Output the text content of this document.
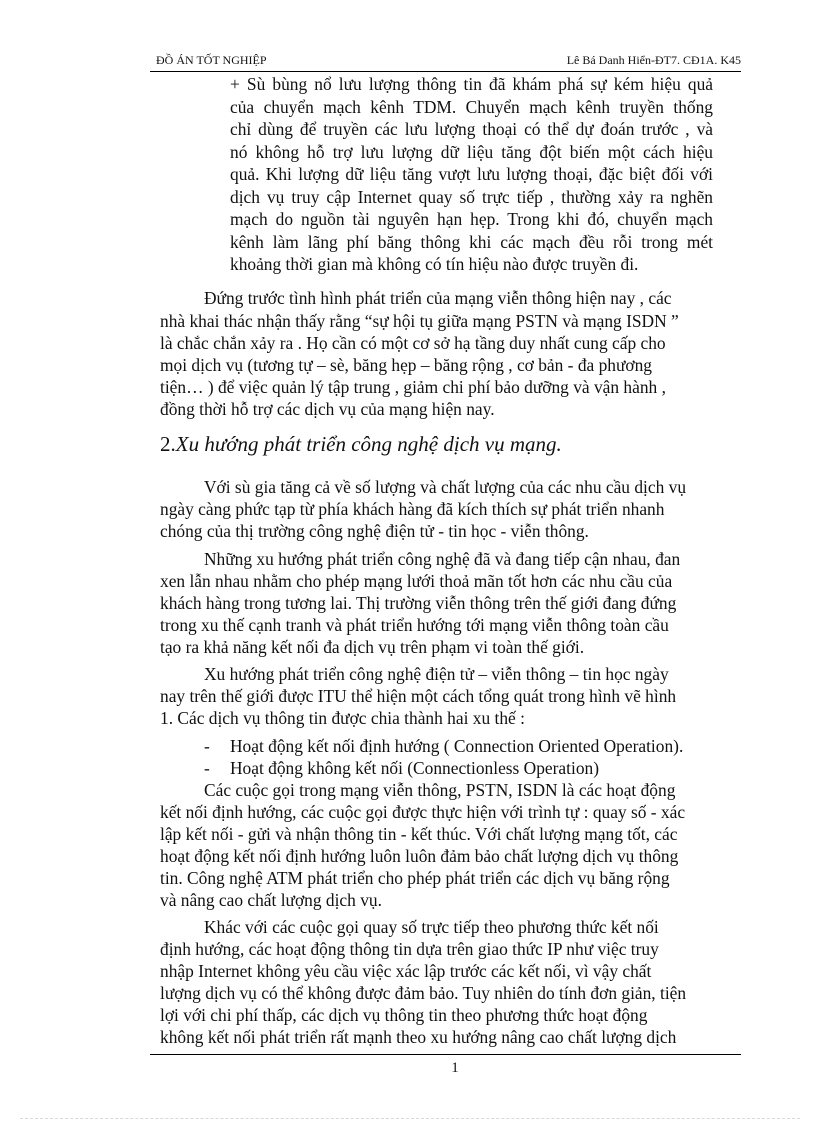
ĐỒ ÁN TỐT NGHIỆP	Lê Bá Danh Hiển-ĐT7. CĐ1A. K45
+ Sù bùng nổ lưu lượng thông tin đã khám phá sự kém hiệu quả
của chuyển mạch kênh TDM. Chuyển mạch kênh truyền thống
chỉ dùng để truyền các lưu lượng thoại có thể dự đoán trước , và
nó không hỗ trợ lưu lượng dữ liệu tăng đột biến một cách hiệu
quả. Khi lượng dữ liệu tăng vượt lưu lượng thoại, đặc biệt đối với
dịch vụ truy cập Internet quay số trực tiếp , thường xảy ra nghẽn
mạch do nguồn tài nguyên hạn hẹp. Trong khi đó, chuyển mạch
kênh làm lãng phí băng thông khi các mạch đều rỗi trong mét
khoảng thời gian mà không có tín hiệu nào được truyền đi.
Đứng trước tình hình phát triển của mạng viễn thông hiện nay , các
nhà khai thác nhận thấy rằng “sự hội tụ giữa mạng PSTN và mạng ISDN ”
là chắc chắn xảy ra . Họ cần có một cơ sở hạ tầng duy nhất cung cấp cho
mọi dịch vụ (tương tự – sè, băng hẹp – băng rộng , cơ bản - đa phương
tiện… ) để việc quản lý tập trung , giảm chi phí bảo dưỡng và vận hành ,
đồng thời hỗ trợ các dịch vụ của mạng hiện nay.
2.Xu hướng phát triển công nghệ dịch vụ mạng.
Với sù gia tăng cả về số lượng và chất lượng của các nhu cầu dịch vụ
ngày càng phức tạp từ phía khách hàng đã kích thích sự phát triển nhanh
chóng của thị trường công nghệ điện tử - tin học - viễn thông.
Những xu hướng phát triển công nghệ đã và đang tiếp cận nhau, đan
xen lẫn nhau nhằm cho phép mạng lưới thoả mãn tốt hơn các nhu cầu của
khách hàng trong tương lai. Thị trường viễn thông trên thế giới đang đứng
trong xu thế cạnh tranh và phát triển hướng tới mạng viễn thông toàn cầu
tạo ra khả năng kết nối đa dịch vụ trên phạm vi toàn thế giới.
Xu hướng phát triển công nghệ điện tử – viễn thông – tin học ngày
nay trên thế giới được ITU thể hiện một cách tổng quát trong hình vẽ hình
1. Các dịch vụ thông tin được chia thành hai xu thế :
- Hoạt động kết nối định hướng ( Connection Oriented Operation).
- Hoạt động không kết nối (Connectionless Operation)
Các cuộc gọi trong mạng viễn thông, PSTN, ISDN là các hoạt động
kết nối định hướng, các cuộc gọi được thực hiện với trình tự : quay số - xác
lập kết nối - gửi và nhận thông tin - kết thúc. Với chất lượng mạng tốt, các
hoạt động kết nối định hướng luôn luôn đảm bảo chất lượng dịch vụ thông
tin. Công nghệ ATM phát triển cho phép phát triển các dịch vụ băng rộng
và nâng cao chất lượng dịch vụ.
Khác với các cuộc gọi quay số trực tiếp theo phương thức kết nối
định hướng, các hoạt động thông tin dựa trên giao thức IP như việc truy
nhập Internet không yêu cầu việc xác lập trước các kết nối, vì vậy chất
lượng dịch vụ có thể không được đảm bảo. Tuy nhiên do tính đơn giản, tiện
lợi với chi phí thấp, các dịch vụ thông tin theo phương thức hoạt động
không kết nối phát triển rất mạnh theo xu hướng nâng cao chất lượng dịch
1
